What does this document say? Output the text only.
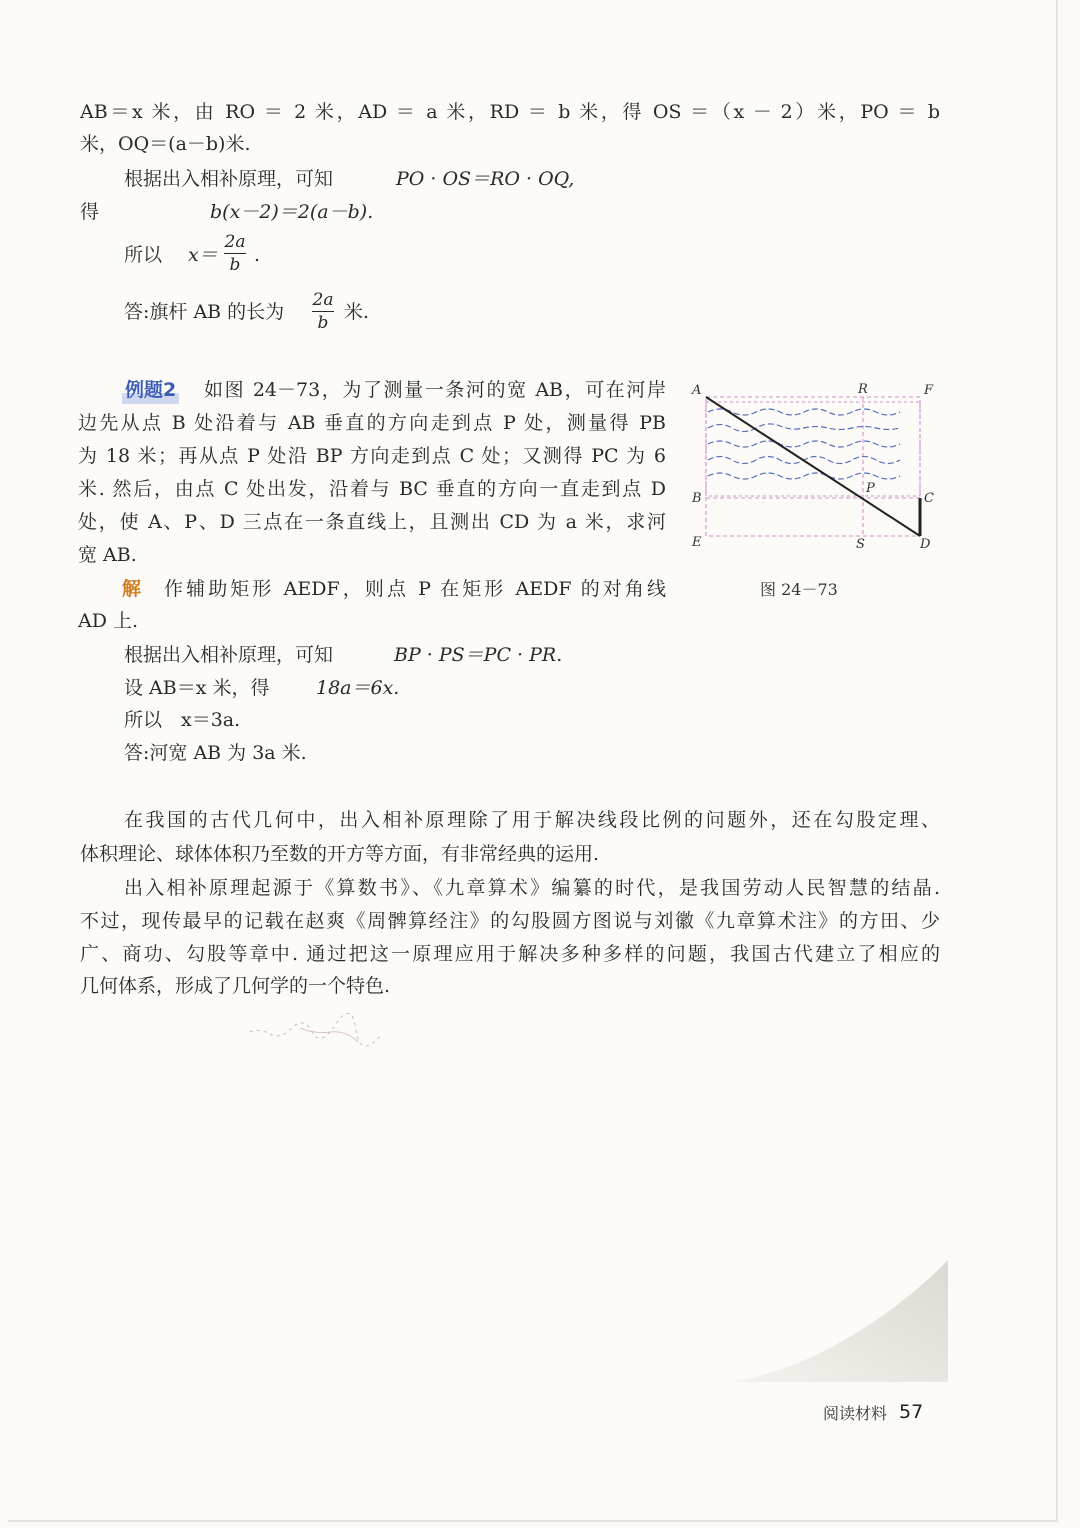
AB＝x 米，由 RO ＝ 2 米，AD ＝ a 米，RD ＝ b 米，得 OS ＝（x － 2）米，PO ＝ b
米，OQ＝(a－b)米.
根据出入相补原理，可知	PO · OS＝RO · OQ,
得	b(x－2)＝2(a－b).
所以 x＝
2a
b .
答:旗杆 AB 的长为
2a
b 米.
例题2 如图 24－73，为了测量一条河的宽 AB，可在河岸
边先从点 B 处沿着与 AB 垂直的方向走到点 P 处，测量得 PB
为 18 米；再从点 P 处沿 BP 方向走到点 C 处；又测得 PC 为 6
米. 然后，由点 C 处出发，沿着与 BC 垂直的方向一直走到点 D
处，使 A、P、D 三点在一条直线上，且测出 CD 为 a 米，求河
宽 AB.
解 作辅助矩形 AEDF，则点 P 在矩形 AEDF 的对角线
AD 上.
根据出入相补原理，可知	BP · PS＝PC · PR.
设 AB＝x 米，得 18a＝6x.
所以　x＝3a.
答:河宽 AB 为 3a 米.
A	R	F
B
P
C
E	S	D
图 24－73
在我国的古代几何中，出入相补原理除了用于解决线段比例的问题外，还在勾股定理、
体积理论、球体体积乃至数的开方等方面，有非常经典的运用.
出入相补原理起源于《算数书》、《九章算术》编纂的时代，是我国劳动人民智慧的结晶.
不过，现传最早的记载在赵爽《周髀算经注》的勾股圆方图说与刘徽《九章算术注》的方田、少
广、商功、勾股等章中. 通过把这一原理应用于解决多种多样的问题，我国古代建立了相应的
几何体系，形成了几何学的一个特色.
阅读材料 57
